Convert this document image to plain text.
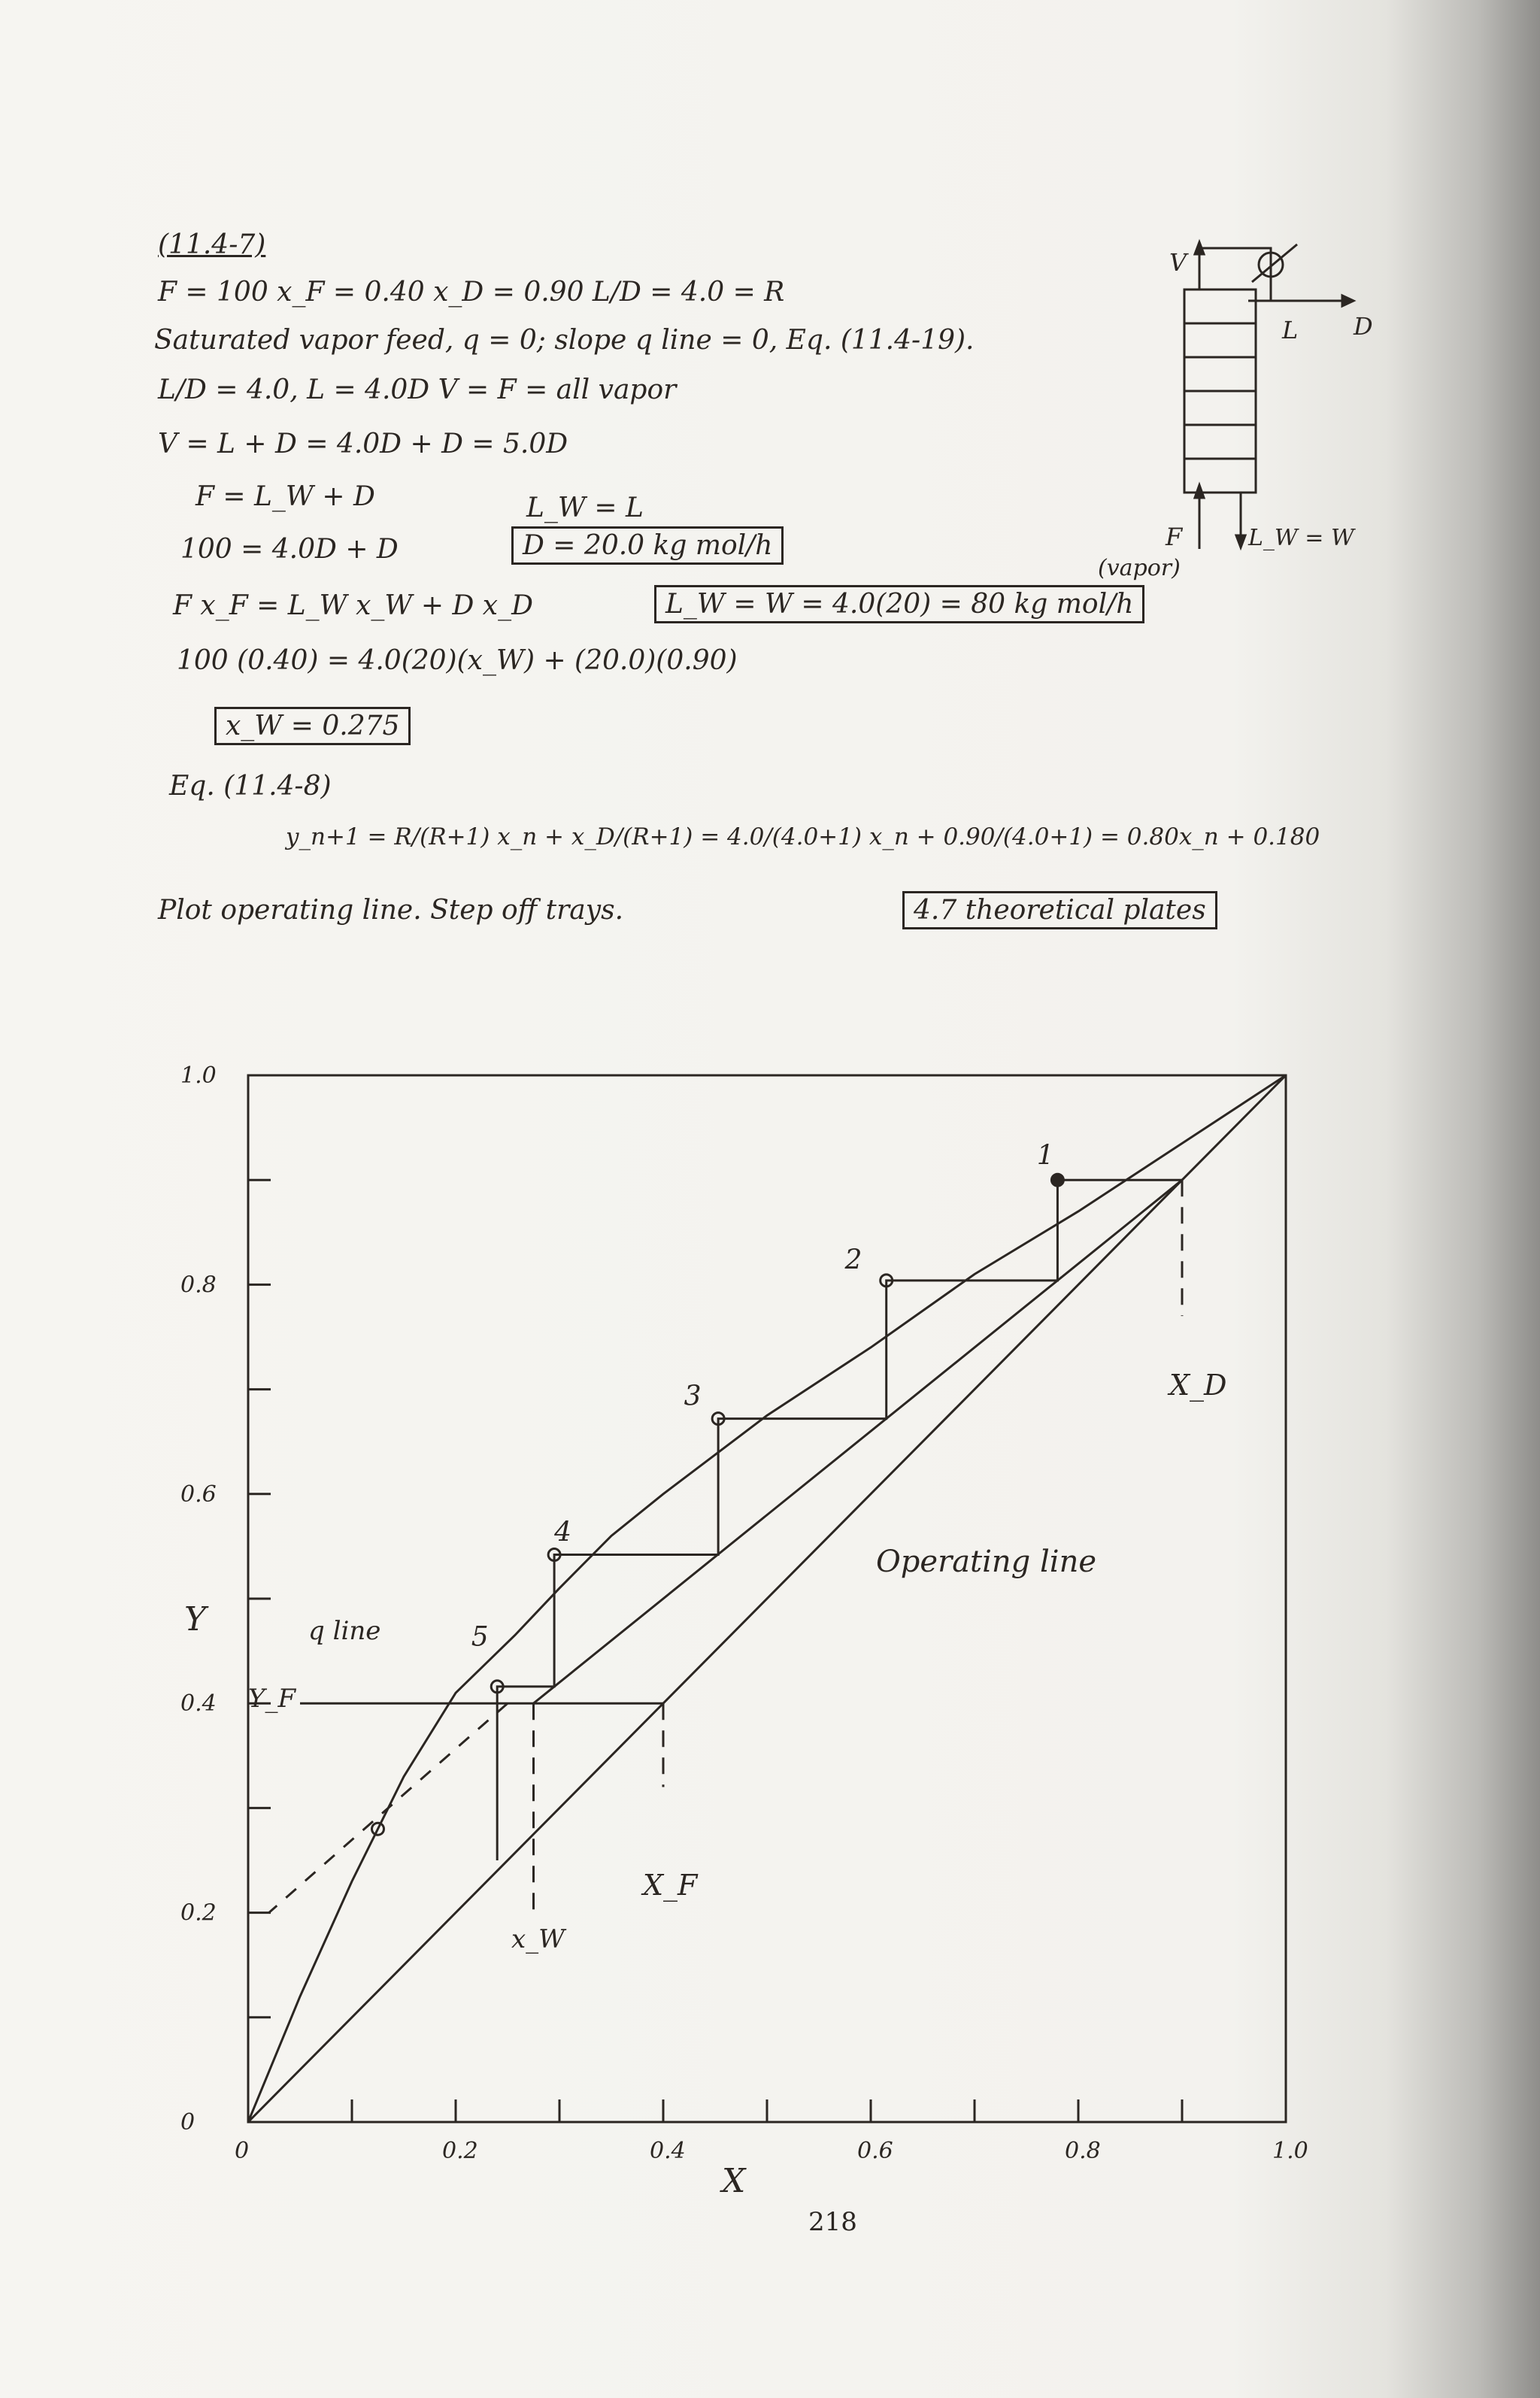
(11.4-7)
F = 100 x_F = 0.40 x_D = 0.90 L/D = 4.0 = R
Saturated vapor feed, q = 0; slope q line = 0, Eq. (11.4-19).
L/D = 4.0, L = 4.0D V = F = all vapor
V = L + D = 4.0D + D = 5.0D
F = L_W + D	L_W = L
100 = 4.0D + D	D = 20.0 kg mol/h
F x_F = L_W x_W + D x_D	L_W = W = 4.0(20) = 80 kg mol/h
100 (0.40) = 4.0(20)(x_W) + (20.0)(0.90)
x_W = 0.275
Eq. (11.4-8)
y_n+1 = R/(R+1) x_n + x_D/(R+1) = 4.0/(4.0+1) x_n + 0.90/(4.0+1) = 0.80x_n + 0.180
Plot operating line. Step off trays.	4.7 theoretical plates
V
L D
F	L_W = W
(vapor)
1
2
3
4
5
0	0.2	0.4	0.6	0.8	1.0
0
0.2
0.4
0.6
0.8
1.0
Y
X
Y_F
q line
x_W
X_F
X_D
Operating line
218
